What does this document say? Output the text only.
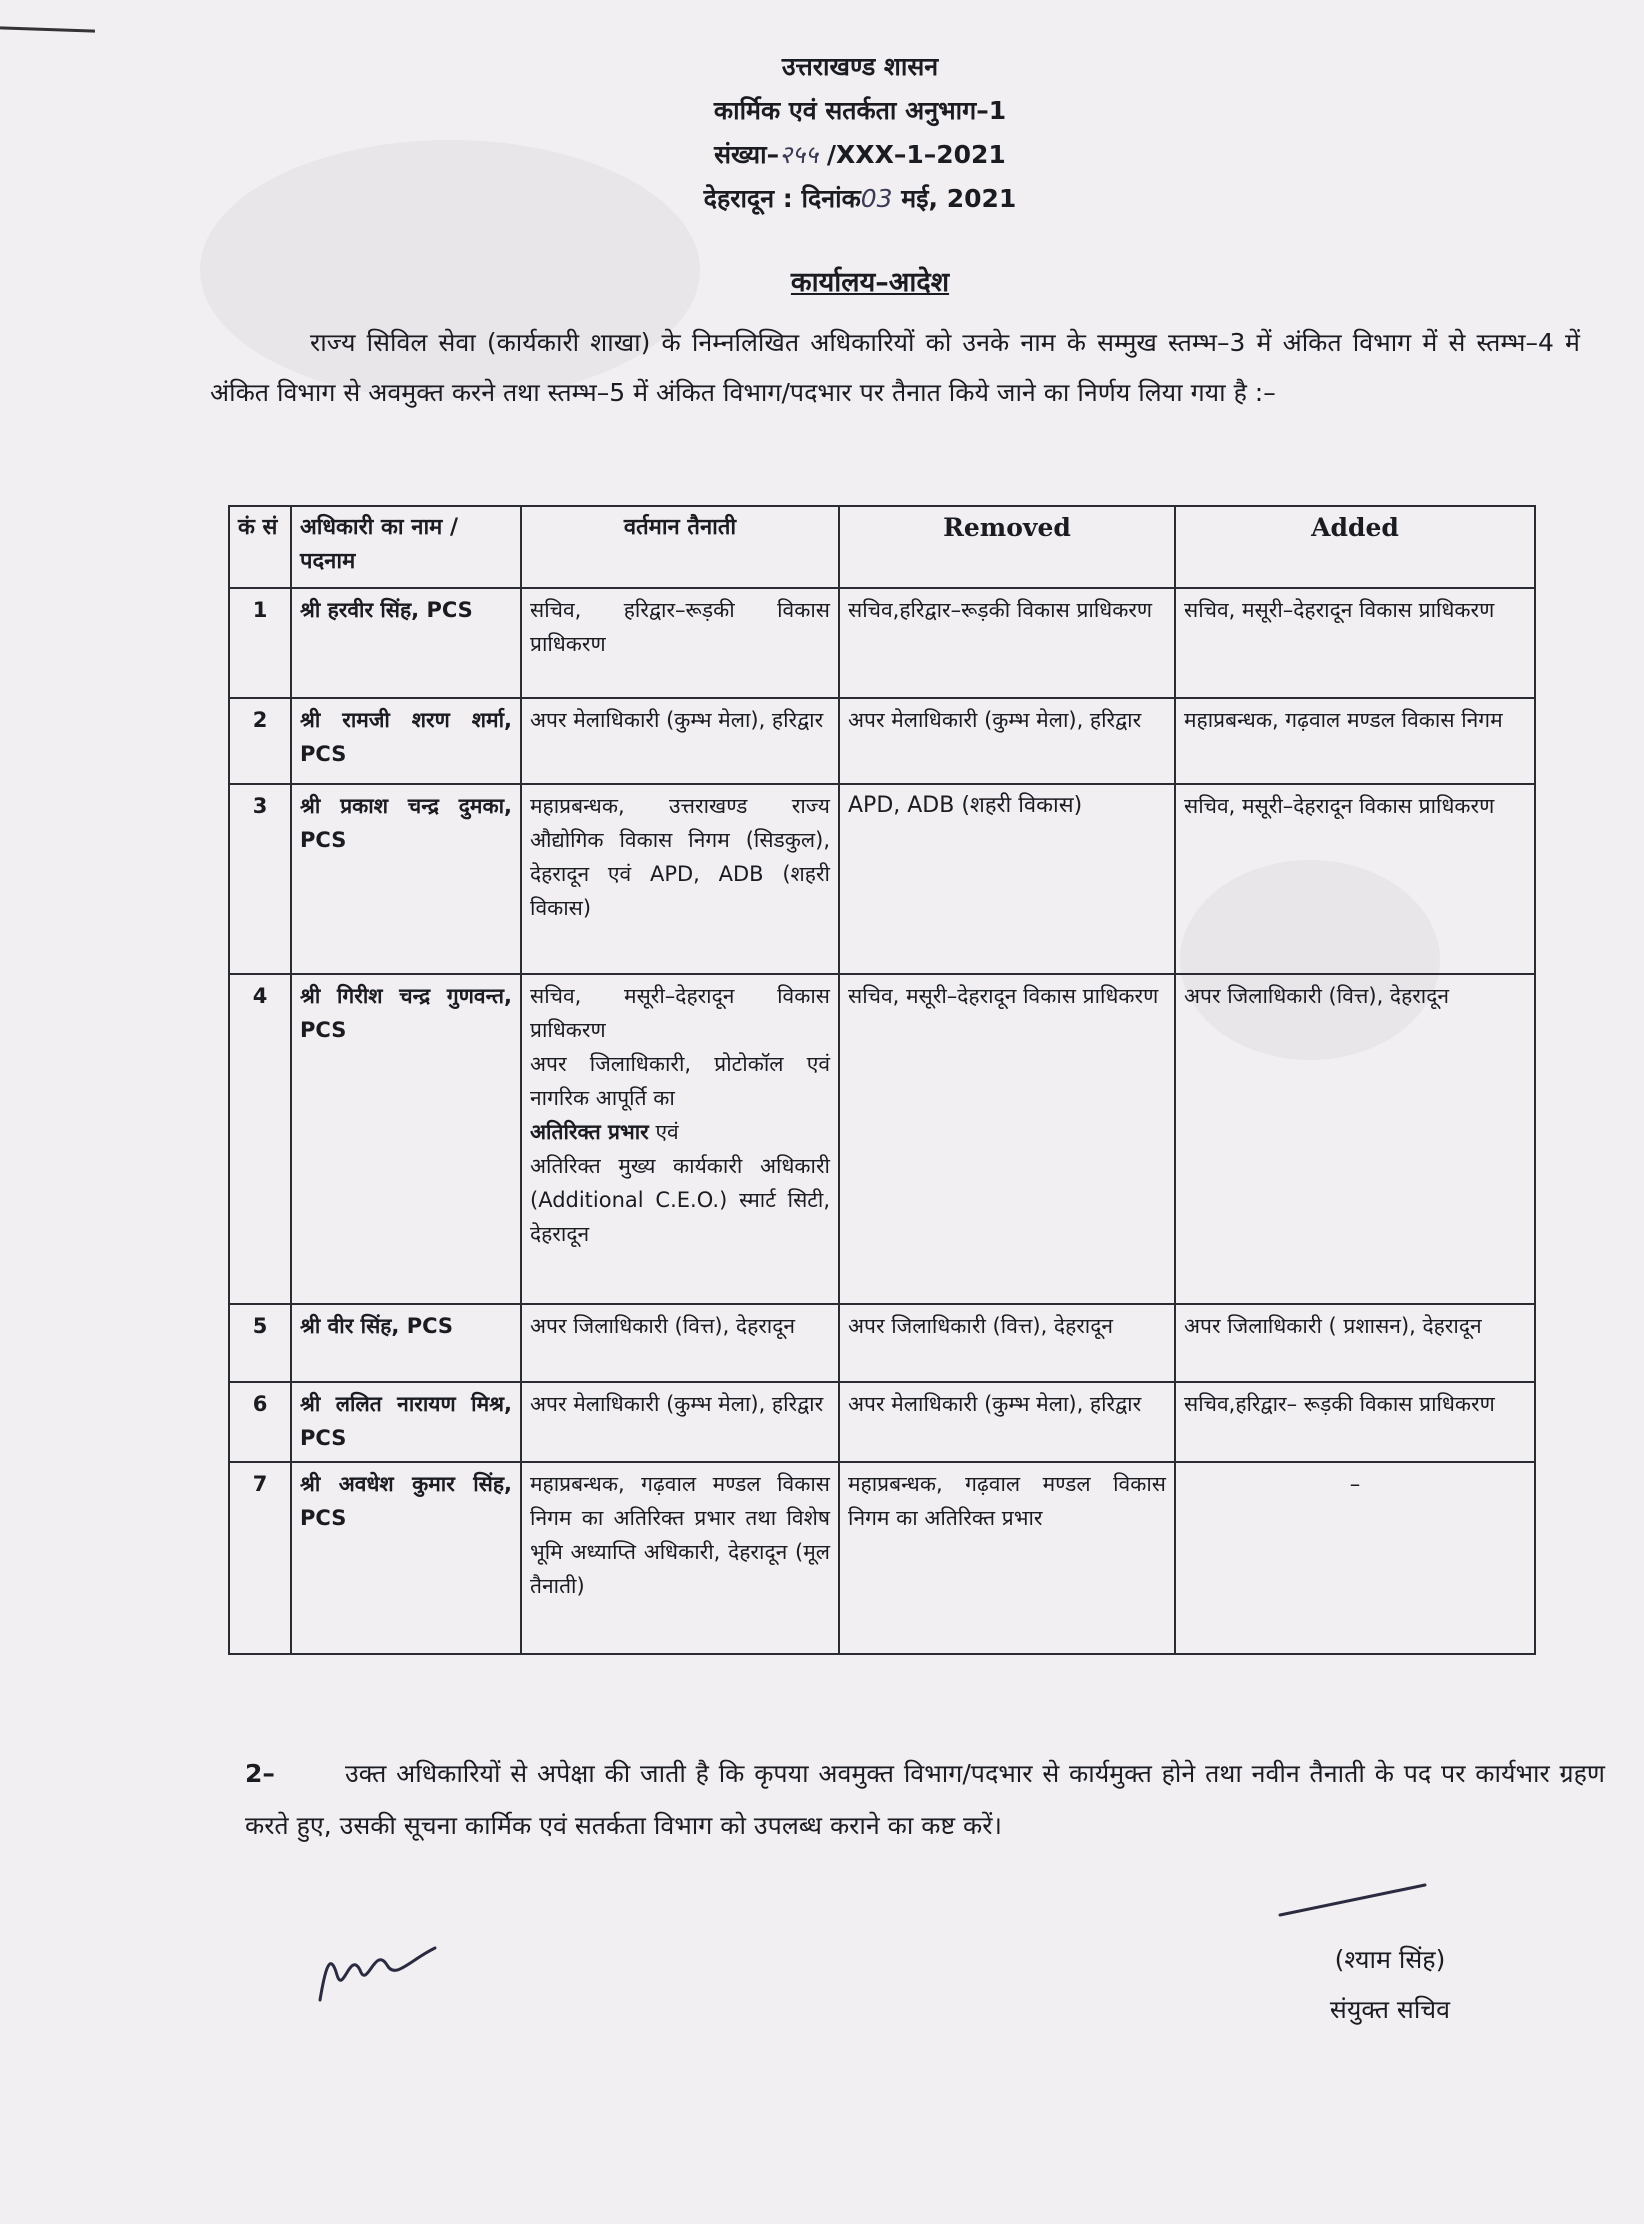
उत्तराखण्ड शासन
कार्मिक एवं सतर्कता अनुभाग–1
संख्या–२५५ /XXX–1–2021
देहरादून : दिनांक03 मई, 2021
कार्यालय–आदेश
राज्य सिविल सेवा (कार्यकारी शाखा) के निम्नलिखित अधिकारियों को उनके नाम के सम्मुख स्तम्भ–3 में अंकित विभाग में से स्तम्भ–4 में अंकित विभाग से अवमुक्त करने तथा स्तम्भ–5 में अंकित विभाग/पदभार पर तैनात किये जाने का निर्णय लिया गया है :–
कं सं	अधिकारी का नाम /पदनाम	वर्तमान तैनाती	Removed	Added
1	श्री हरवीर सिंह, PCS	सचिव, हरिद्वार–रूड़की विकास प्राधिकरण	सचिव,हरिद्वार–रूड़की विकास प्राधिकरण	सचिव, मसूरी–देहरादून विकास प्राधिकरण
2	श्री रामजी शरण शर्मा, PCS	अपर मेलाधिकारी (कुम्भ मेला), हरिद्वार	अपर मेलाधिकारी (कुम्भ मेला), हरिद्वार	महाप्रबन्धक, गढ़वाल मण्डल विकास निगम
3	श्री प्रकाश चन्द्र दुमका, PCS	महाप्रबन्धक, उत्तराखण्ड राज्य औद्योगिक विकास निगम (सिडकुल), देहरादून एवं APD, ADB (शहरी विकास)	APD, ADB (शहरी विकास)	सचिव, मसूरी–देहरादून विकास प्राधिकरण
4	श्री गिरीश चन्द्र गुणवन्त, PCS	सचिव, मसूरी–देहरादून विकास प्राधिकरण
अपर जिलाधिकारी, प्रोटोकॉल एवं नागरिक आपूर्ति का
अतिरिक्त प्रभार एवं
अतिरिक्त मुख्य कार्यकारी अधिकारी (Additional C.E.O.) स्मार्ट सिटी, देहरादून	सचिव, मसूरी–देहरादून विकास प्राधिकरण	अपर जिलाधिकारी (वित्त), देहरादून
5	श्री वीर सिंह, PCS	अपर जिलाधिकारी (वित्त), देहरादून	अपर जिलाधिकारी (वित्त), देहरादून	अपर जिलाधिकारी ( प्रशासन), देहरादून
6	श्री ललित नारायण मिश्र, PCS	अपर मेलाधिकारी (कुम्भ मेला), हरिद्वार	अपर मेलाधिकारी (कुम्भ मेला), हरिद्वार	सचिव,हरिद्वार– रूड़की विकास प्राधिकरण
7	श्री अवधेश कुमार सिंह, PCS	महाप्रबन्धक, गढ़वाल मण्डल विकास निगम का अतिरिक्त प्रभार तथा विशेष भूमि अध्याप्ति अधिकारी, देहरादून (मूल तैनाती)	महाप्रबन्धक, गढ़वाल मण्डल विकास निगम का अतिरिक्त प्रभार	–
2–	उक्त अधिकारियों से अपेक्षा की जाती है कि कृपया अवमुक्त विभाग/पदभार से कार्यमुक्त होने तथा नवीन तैनाती के पद पर कार्यभार ग्रहण करते हुए, उसकी सूचना कार्मिक एवं सतर्कता विभाग को उपलब्ध कराने का कष्ट करें।
(श्याम सिंह)
संयुक्त सचिव
